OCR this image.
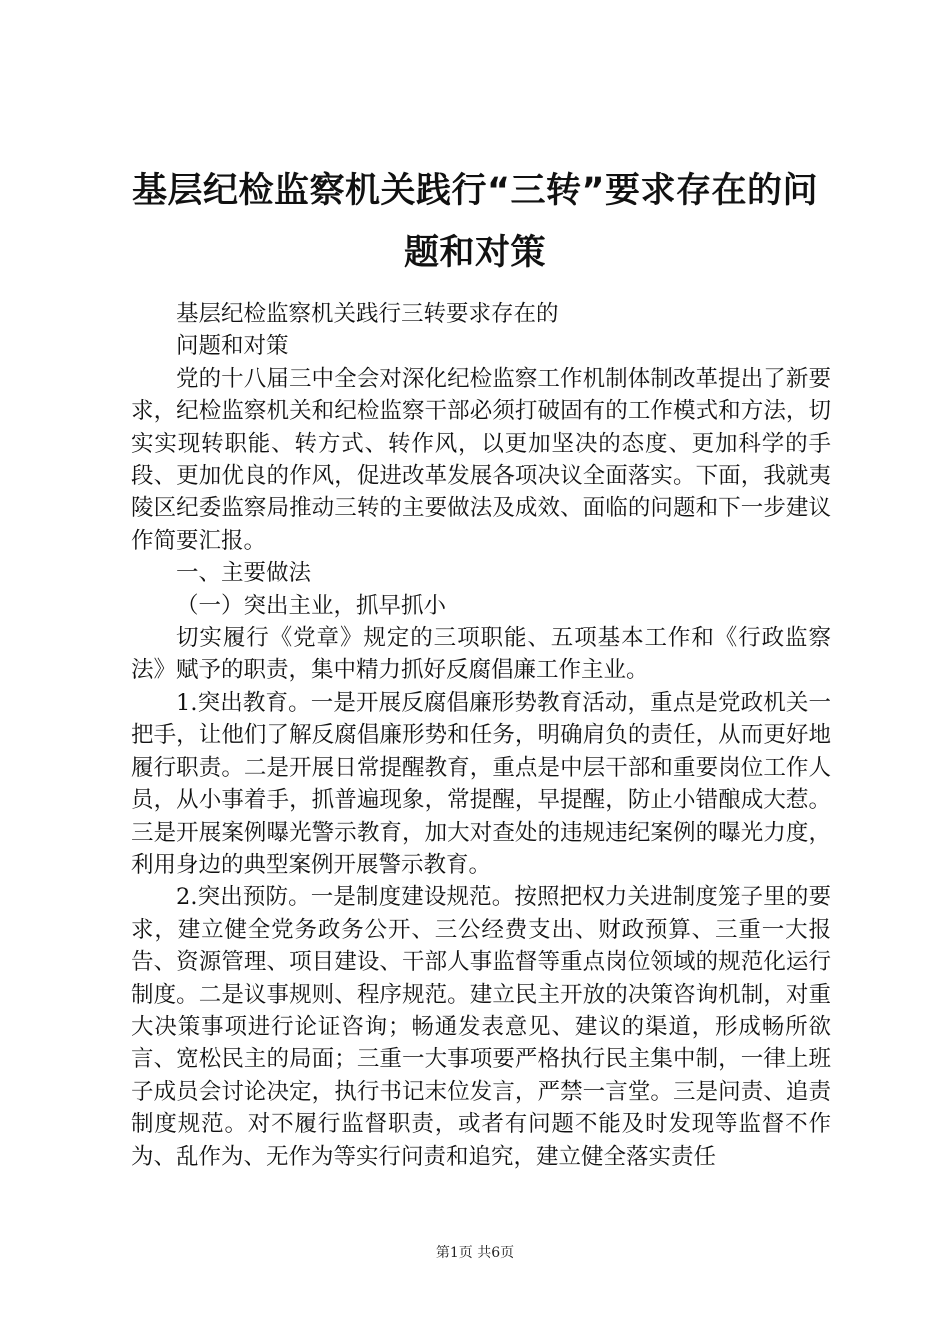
基层纪检监察机关践行“三转”要求存在的问
题和对策

基层纪检监察机关践行三转要求存在的

问题和对策

党的十八届三中全会对深化纪检监察工作机制体制改革提出了新要求，纪检监察机关和纪检监察干部必须打破固有的工作模式和方法，切实实现转职能、转方式、转作风，以更加坚决的态度、更加科学的手段、更加优良的作风，促进改革发展各项决议全面落实。下面，我就夷陵区纪委监察局推动三转的主要做法及成效、面临的问题和下一步建议作简要汇报。

一、主要做法

（一）突出主业，抓早抓小

切实履行《党章》规定的三项职能、五项基本工作和《行政监察法》赋予的职责，集中精力抓好反腐倡廉工作主业。

1.突出教育。一是开展反腐倡廉形势教育活动，重点是党政机关一把手，让他们了解反腐倡廉形势和任务，明确肩负的责任，从而更好地履行职责。二是开展日常提醒教育，重点是中层干部和重要岗位工作人员，从小事着手，抓普遍现象，常提醒，早提醒，防止小错酿成大惹。三是开展案例曝光警示教育，加大对查处的违规违纪案例的曝光力度，利用身边的典型案例开展警示教育。

2.突出预防。一是制度建设规范。按照把权力关进制度笼子里的要求，建立健全党务政务公开、三公经费支出、财政预算、三重一大报告、资源管理、项目建设、干部人事监督等重点岗位领域的规范化运行制度。二是议事规则、程序规范。建立民主开放的决策咨询机制，对重大决策事项进行论证咨询；畅通发表意见、建议的渠道，形成畅所欲言、宽松民主的局面；三重一大事项要严格执行民主集中制，一律上班子成员会讨论决定，执行书记末位发言，严禁一言堂。三是问责、追责制度规范。对不履行监督职责，或者有问题不能及时发现等监督不作为、乱作为、无作为等实行问责和追究，建立健全落实责任

第1页 共6页
